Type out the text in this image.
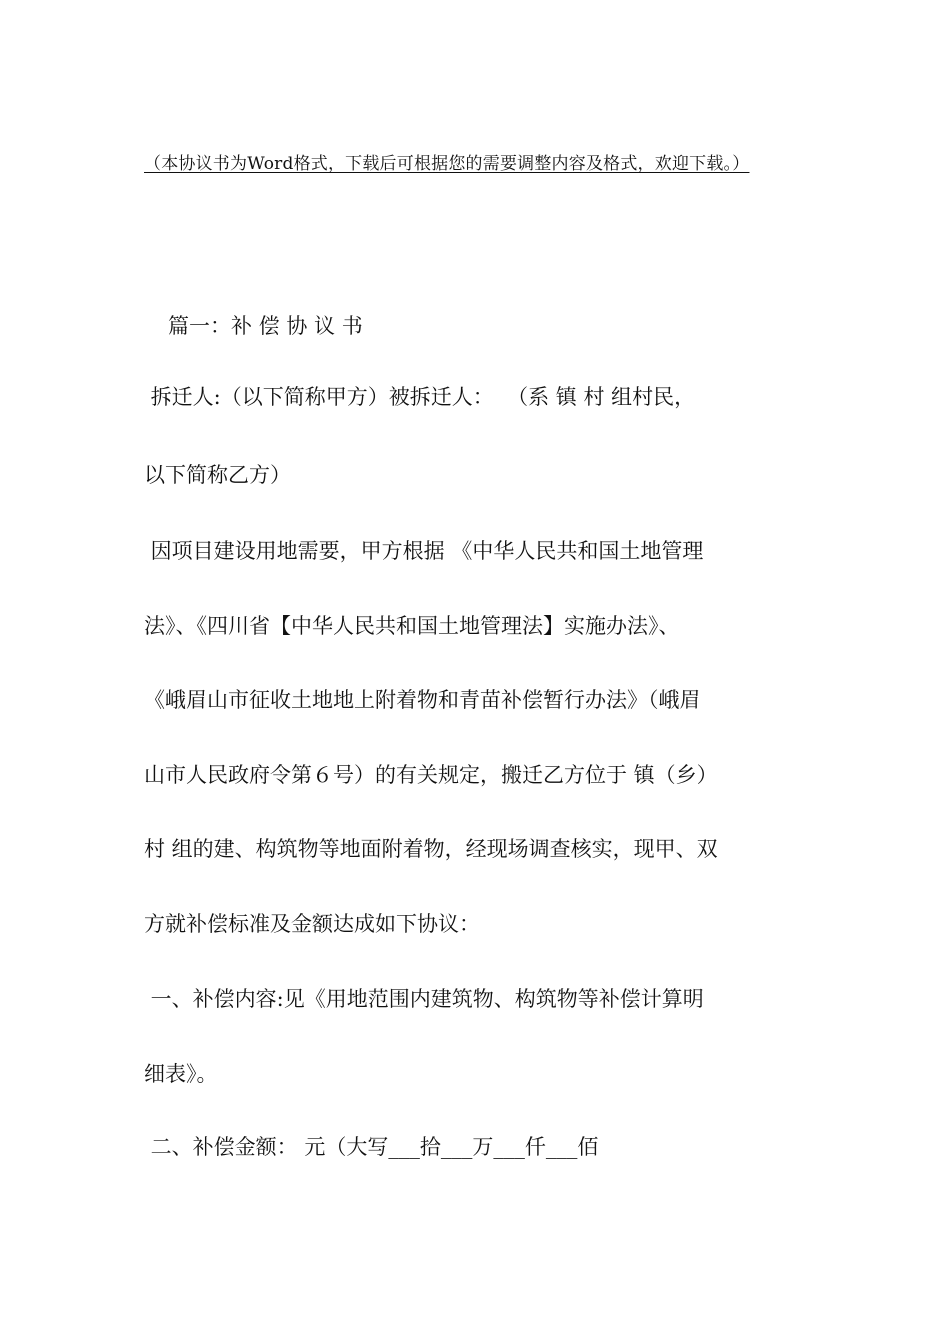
（本协议书为Word格式，下载后可根据您的需要调整内容及格式，欢迎下载。）
篇一：补 偿 协 议 书
拆迁人:（以下简称甲方）被拆迁人：  （系 镇 村 组村民，
以下简称乙方）
因项目建设用地需要，甲方根据 《中华人民共和国土地管理
法》、《四川省【中华人民共和国土地管理法】实施办法》、
《峨眉山市征收土地地上附着物和青苗补偿暂行办法》（峨眉
山市人民政府令第６号）的有关规定，搬迁乙方位于 镇（乡）
村 组的建、构筑物等地面附着物，经现场调查核实，现甲、双
方就补偿标准及金额达成如下协议：
一、补偿内容:见《用地范围内建筑物、构筑物等补偿计算明
细表》。
二、补偿金额： 元（大写___拾___万___仟___佰
